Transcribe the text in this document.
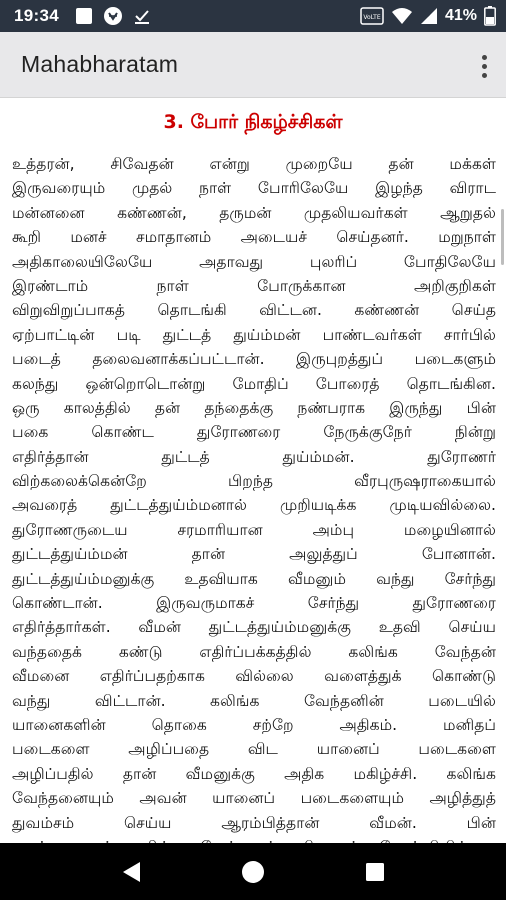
19:34	VoLTE	41%
Mahabharatam
3. போர் நிகழ்ச்சிகள்
உத்தரன், சிவேதன் என்று முறையே தன் மக்கள்
இருவரையும் முதல் நாள் போரிலேயே இழந்த விராட
மன்னனை கண்ணன், தருமன் முதலியவர்கள் ஆறுதல்
கூறி மனச் சமாதானம் அடையச் செய்தனர். மறுநாள்
அதிகாலையிலேயே அதாவது புலரிப் போதிலேயே
இரண்டாம் நாள் போருக்கான அறிகுறிகள்
விறுவிறுப்பாகத் தொடங்கி விட்டன. கண்ணன் செய்த
ஏற்பாட்டின் படி துட்டத் துய்ம்மன் பாண்டவர்கள் சார்பில்
படைத் தலைவனாக்கப்பட்டான். இருபுறத்துப் படைகளும்
கலந்து ஒன்றொடொன்று மோதிப் போரைத் தொடங்கின.
ஒரு காலத்தில் தன் தந்தைக்கு நண்பராக இருந்து பின்
பகை கொண்ட துரோணரை நேருக்குநேர் நின்று
எதிர்த்தான் துட்டத் துய்ம்மன். துரோணர்
விற்கலைக்கென்றே பிறந்த வீரபுருஷராகையால்
அவரைத் துட்டத்துய்ம்மனால் முறியடிக்க முடியவில்லை.
துரோணருடைய சரமாரியான அம்பு மழையினால்
துட்டத்துய்ம்மன் தான் அலுத்துப் போனான்.
துட்டத்துய்ம்மனுக்கு உதவியாக வீமனும் வந்து சேர்ந்து
கொண்டான். இருவருமாகச் சேர்ந்து துரோணரை
எதிர்த்தார்கள். வீமன் துட்டத்துய்ம்மனுக்கு உதவி செய்ய
வந்ததைக் கண்டு எதிர்ப்பக்கத்தில் கலிங்க வேந்தன்
வீமனை எதிர்ப்பதற்காக வில்லை வளைத்துக் கொண்டு
வந்து விட்டான். கலிங்க வேந்தனின் படையில்
யானைகளின் தொகை சற்றே அதிகம். மனிதப்
படைகளை அழிப்பதை விட யானைப் படைகளை
அழிப்பதில் தான் வீமனுக்கு அதிக மகிழ்ச்சி. கலிங்க
வேந்தனையும் அவன் யானைப் படைகளையும் அழித்துத்
துவம்சம் செய்ய ஆரம்பித்தான் வீமன். பின்
